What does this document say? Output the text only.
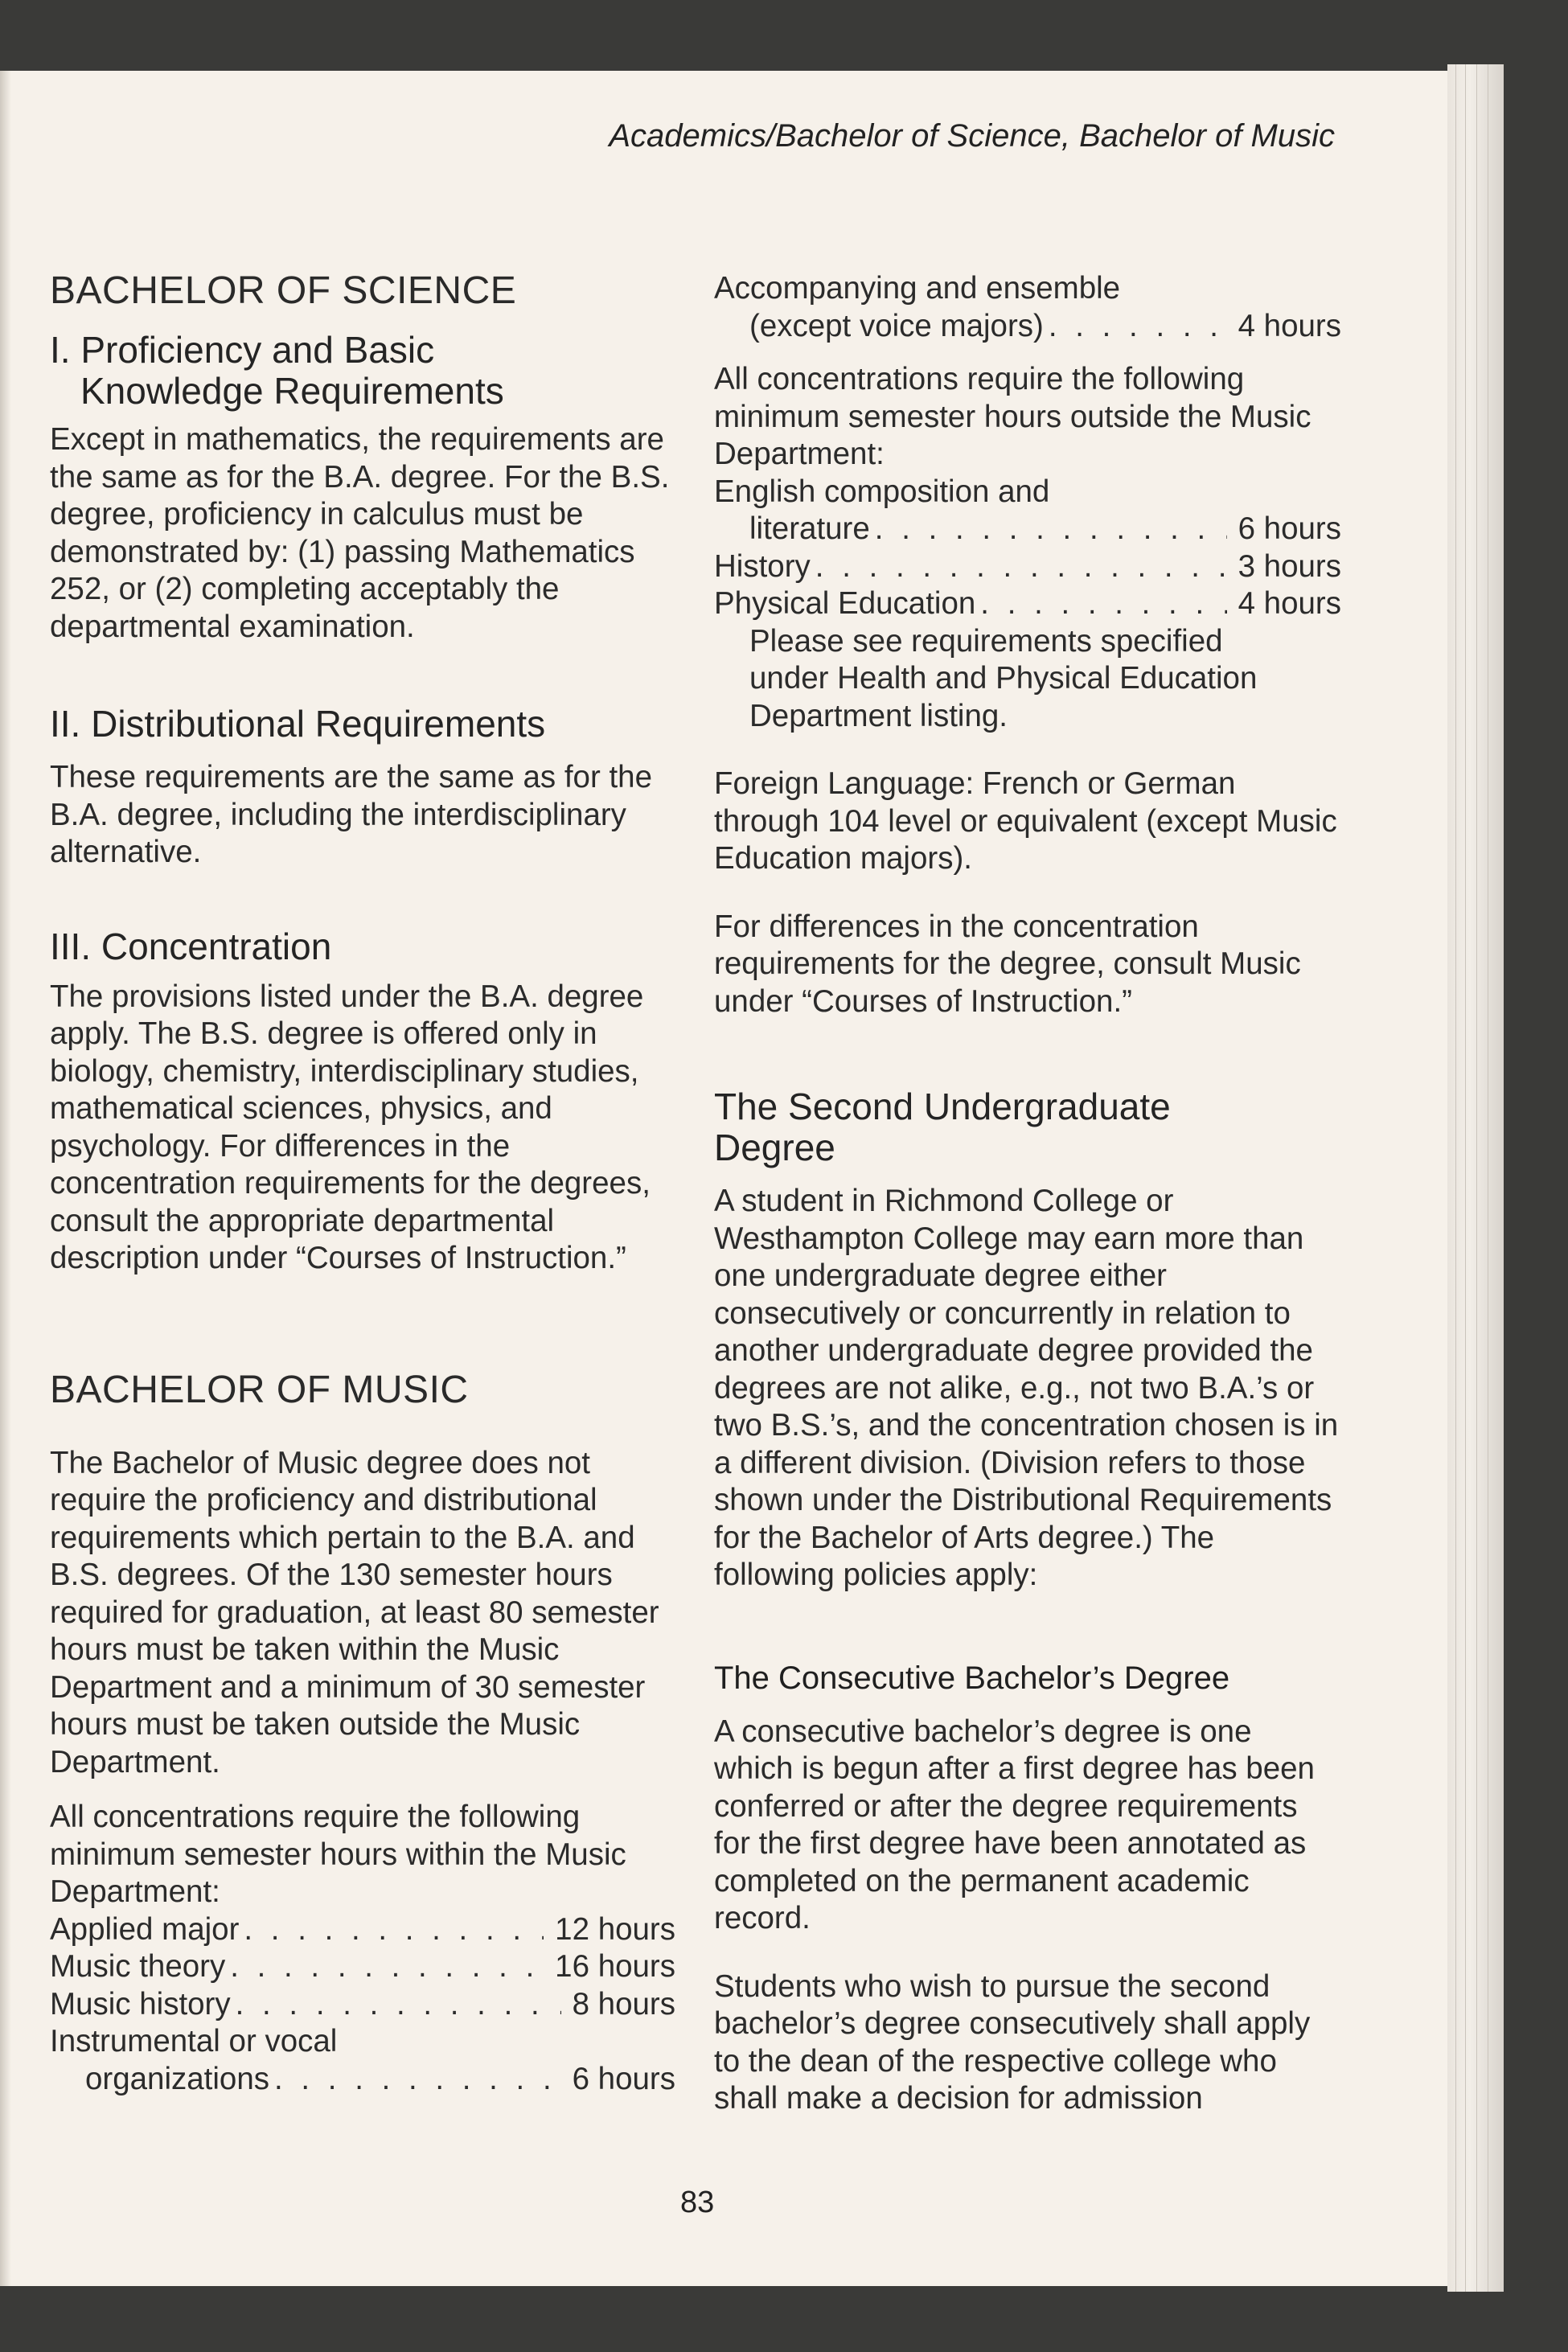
Academics/Bachelor of Science, Bachelor of Music
BACHELOR OF SCIENCE
I. Proficiency and Basic
Knowledge Requirements

Except in mathematics, the requirements are the same as for the B.A. degree. For the B.S. degree, proficiency in calculus must be demonstrated by: (1) passing Mathematics 252, or (2) completing acceptably the departmental examination.

II. Distributional Requirements

These requirements are the same as for the B.A. degree, including the interdisciplinary alternative.

III. Concentration

The provisions listed under the B.A. degree apply. The B.S. degree is offered only in biology, chemistry, interdisciplinary studies, mathematical sciences, physics, and psychology. For differences in the concentration requirements for the degrees, consult the appropriate departmental description under “Courses of Instruction.”

BACHELOR OF MUSIC

The Bachelor of Music degree does not require the proficiency and distributional requirements which pertain to the B.A. and B.S. degrees. Of the 130 semester hours required for graduation, at least 80 semester hours must be taken within the Music Department and a minimum of 30 semester hours must be taken outside the Music Department.

All concentrations require the following minimum semester hours within the Music Department:

Applied major . . .	12 hours
Music theory . . .	16 hours
Music history . . .	8 hours
Instrumental or vocal
organizations . . .	6 hours
Accompanying and ensemble
(except voice majors) . . .	4 hours

All concentrations require the following minimum semester hours outside the Music Department:

English composition and
literature . . .	6 hours
History . . .	3 hours
Physical Education . . .	4 hours

Please see requirements specified under Health and Physical Education Department listing.

Foreign Language: French or German through 104 level or equivalent (except Music Education majors).

For differences in the concentration requirements for the degree, consult Music under “Courses of Instruction.”

The Second Undergraduate Degree

A student in Richmond College or Westhampton College may earn more than one undergraduate degree either consecutively or concurrently in relation to another undergraduate degree provided the degrees are not alike, e.g., not two B.A.’s or two B.S.’s, and the concentration chosen is in a different division. (Division refers to those shown under the Distributional Requirements for the Bachelor of Arts degree.) The following policies apply:

The Consecutive Bachelor’s Degree

A consecutive bachelor’s degree is one which is begun after a first degree has been conferred or after the degree requirements for the first degree have been annotated as completed on the permanent academic record.

Students who wish to pursue the second bachelor’s degree consecutively shall apply to the dean of the respective college who shall make a decision for admission

83
